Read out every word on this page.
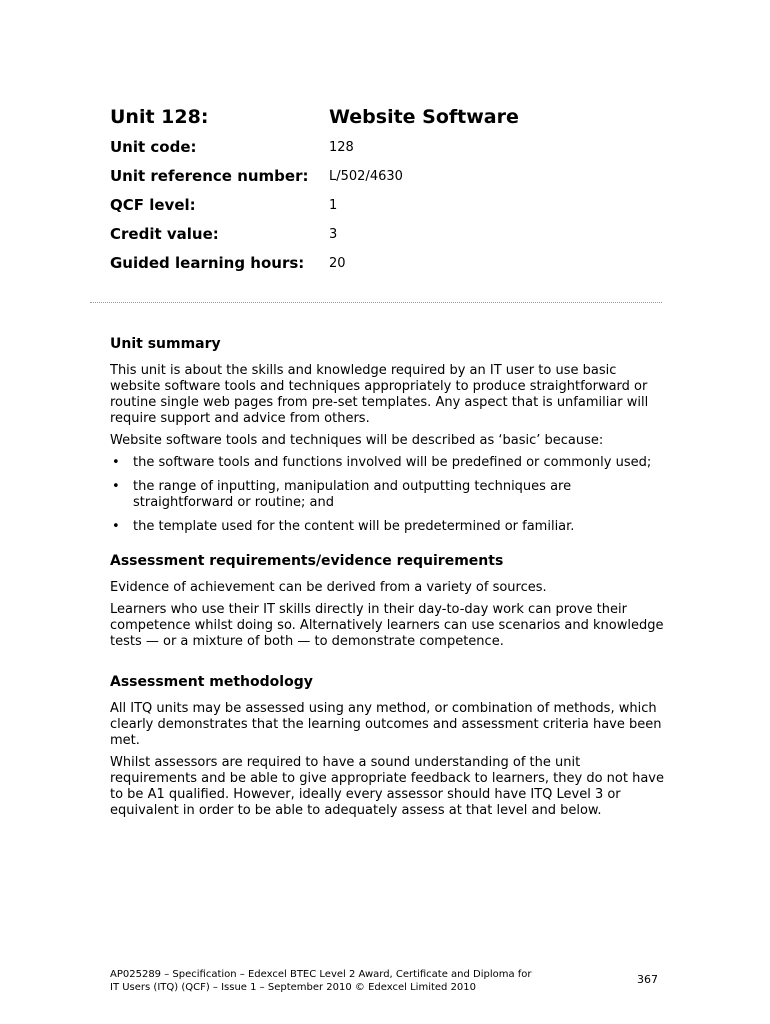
Unit 128:	Website Software
Unit code:	128
Unit reference number: L/502/4630
QCF level:	1
Credit value:	3
Guided learning hours: 20
Unit summary

This unit is about the skills and knowledge required by an IT user to use basic website software tools and techniques appropriately to produce straightforward or routine single web pages from pre-set templates. Any aspect that is unfamiliar will require support and advice from others.

Website software tools and techniques will be described as ‘basic’ because:

• the software tools and functions involved will be predefined or commonly used;
• the range of inputting, manipulation and outputting techniques are straightforward or routine; and
• the template used for the content will be predetermined or familiar.
Assessment requirements/evidence requirements

Evidence of achievement can be derived from a variety of sources.

Learners who use their IT skills directly in their day-to-day work can prove their competence whilst doing so. Alternatively learners can use scenarios and knowledge tests — or a mixture of both — to demonstrate competence.

Assessment methodology

All ITQ units may be assessed using any method, or combination of methods, which clearly demonstrates that the learning outcomes and assessment criteria have been met.

Whilst assessors are required to have a sound understanding of the unit requirements and be able to give appropriate feedback to learners, they do not have to be A1 qualified. However, ideally every assessor should have ITQ Level 3 or equivalent in order to be able to adequately assess at that level and below.

AP025289 – Specification – Edexcel BTEC Level 2 Award, Certificate and Diploma for
IT Users (ITQ) (QCF) – Issue 1 – September 2010 © Edexcel Limited 2010
367
